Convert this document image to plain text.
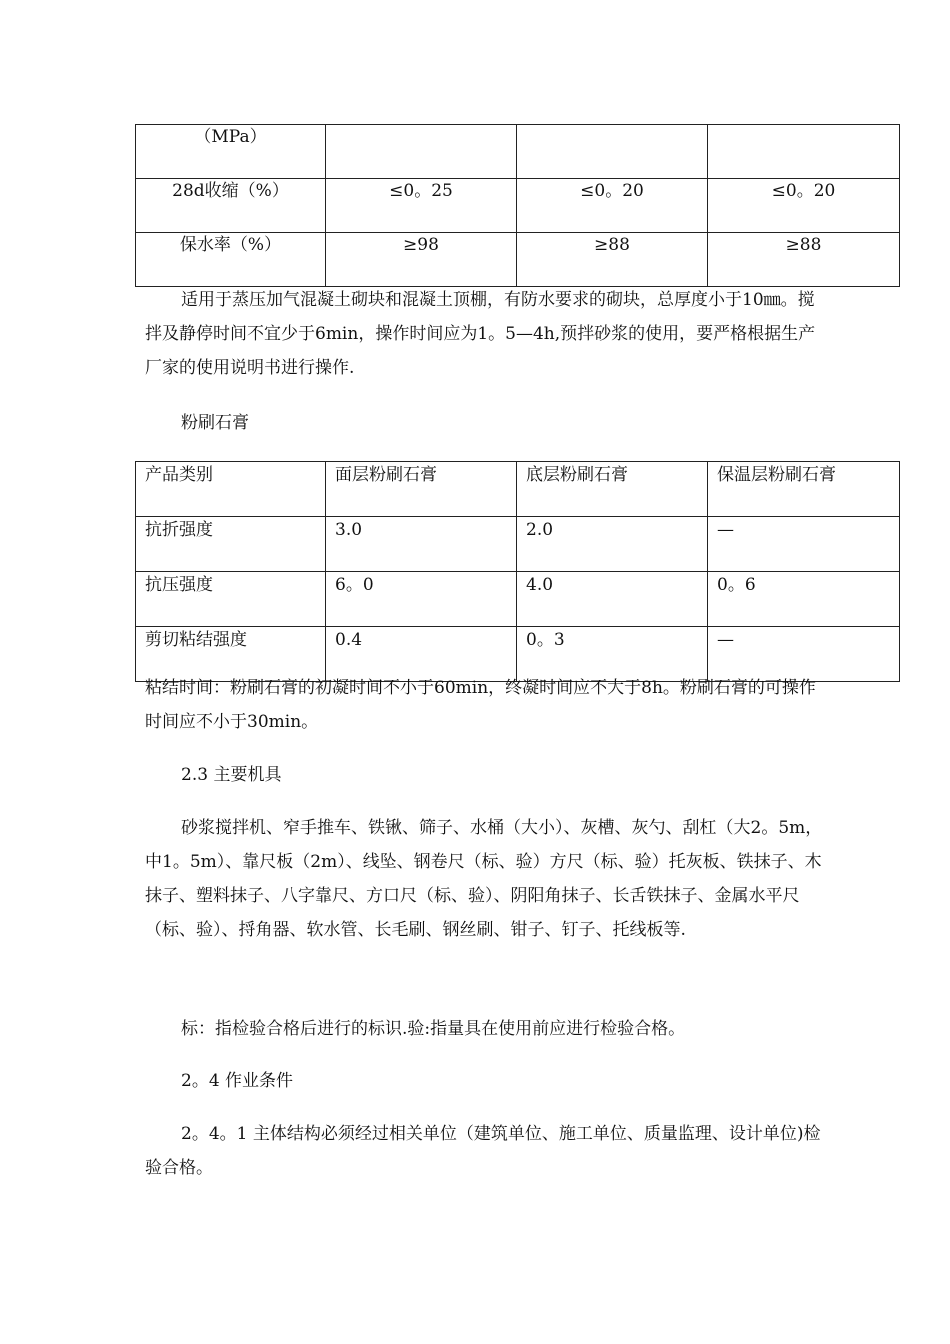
（MPa）			
28d收缩（%）	≤0。25	≤0。20	≤0。20
保水率（%）	≥98	≥88	≥88

适用于蒸压加气混凝土砌块和混凝土顶棚，有防水要求的砌块，总厚度小于10㎜。搅拌及静停时间不宜少于6min，操作时间应为1。5—4h,预拌砂浆的使用，要严格根据生产厂家的使用说明书进行操作.

粉刷石膏

产品类别	面层粉刷石膏	底层粉刷石膏	保温层粉刷石膏
抗折强度	3.0	2.0	—
抗压强度	6。0	4.0	0。6
剪切粘结强度	0.4	0。3	—

粘结时间：粉刷石膏的初凝时间不小于60min，终凝时间应不大于8h。粉刷石膏的可操作时间应不小于30min。

2.3 主要机具

砂浆搅拌机、窄手推车、铁锹、筛子、水桶（大小）、灰槽、灰勺、刮杠（大2。5m，中1。5m）、靠尺板（2m）、线坠、钢卷尺（标、验）方尺（标、验）托灰板、铁抹子、木抹子、塑料抹子、八字靠尺、方口尺（标、验）、阴阳角抹子、长舌铁抹子、金属水平尺（标、验）、捋角器、软水管、长毛刷、钢丝刷、钳子、钉子、托线板等.

标：指检验合格后进行的标识.验:指量具在使用前应进行检验合格。

2。4 作业条件

2。4。1 主体结构必须经过相关单位（建筑单位、施工单位、质量监理、设计单位)检验合格。
